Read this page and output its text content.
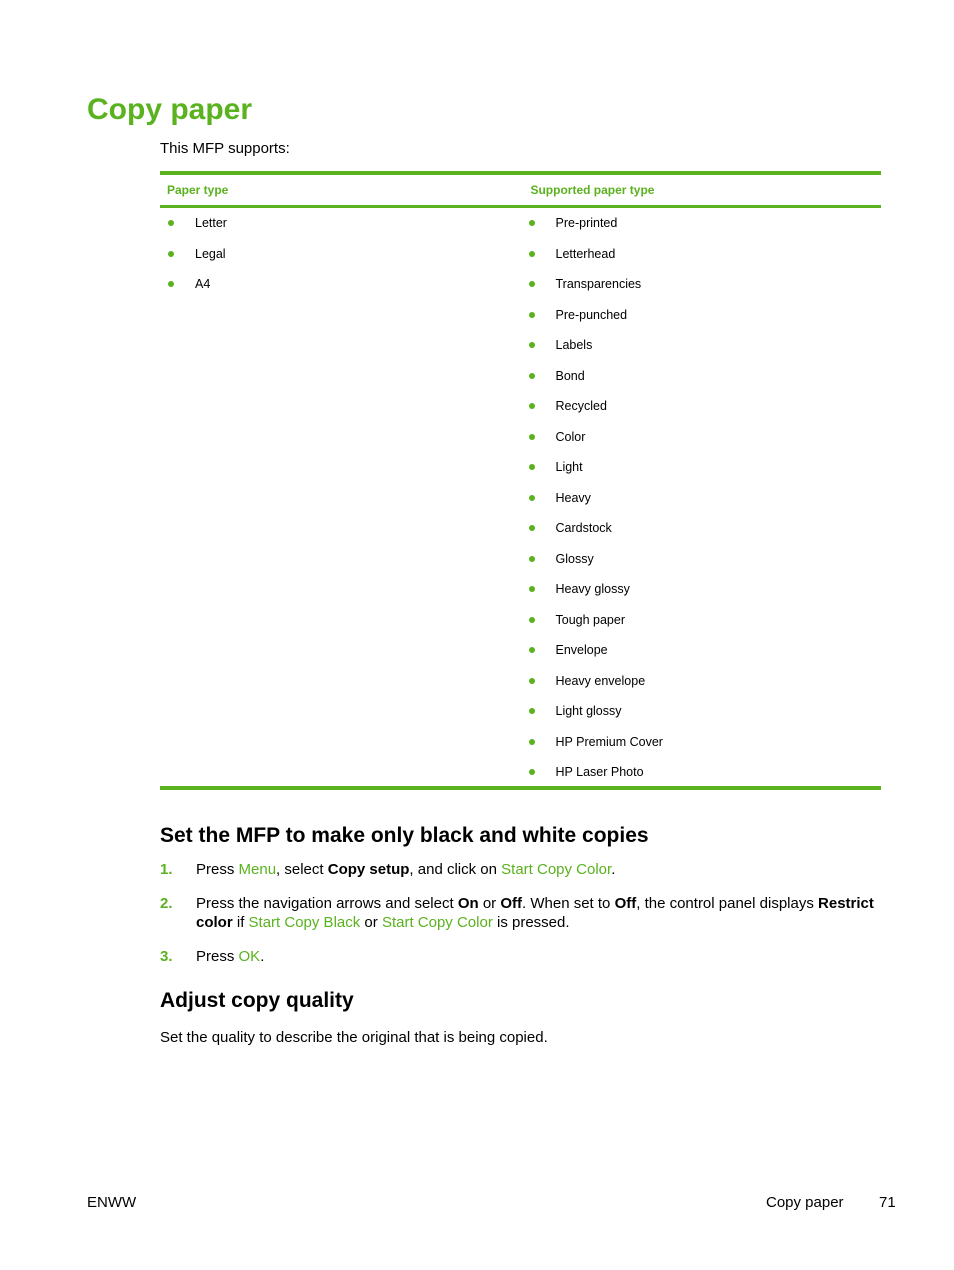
Copy paper

This MFP supports:

Paper type	Supported paper type
Letter
Legal
A4
Pre-printed
Letterhead
Transparencies
Pre-punched
Labels
Bond
Recycled
Color
Light
Heavy
Cardstock
Glossy
Heavy glossy
Tough paper
Envelope
Heavy envelope
Light glossy
HP Premium Cover
HP Laser Photo
Set the MFP to make only black and white copies
1. Press Menu, select Copy setup, and click on Start Copy Color.
2. Press the navigation arrows and select On or Off. When set to Off, the control panel displays Restrict color if Start Copy Black or Start Copy Color is pressed.
3. Press OK.
Adjust copy quality

Set the quality to describe the original that is being copied.

ENWW	Copy paper 71
